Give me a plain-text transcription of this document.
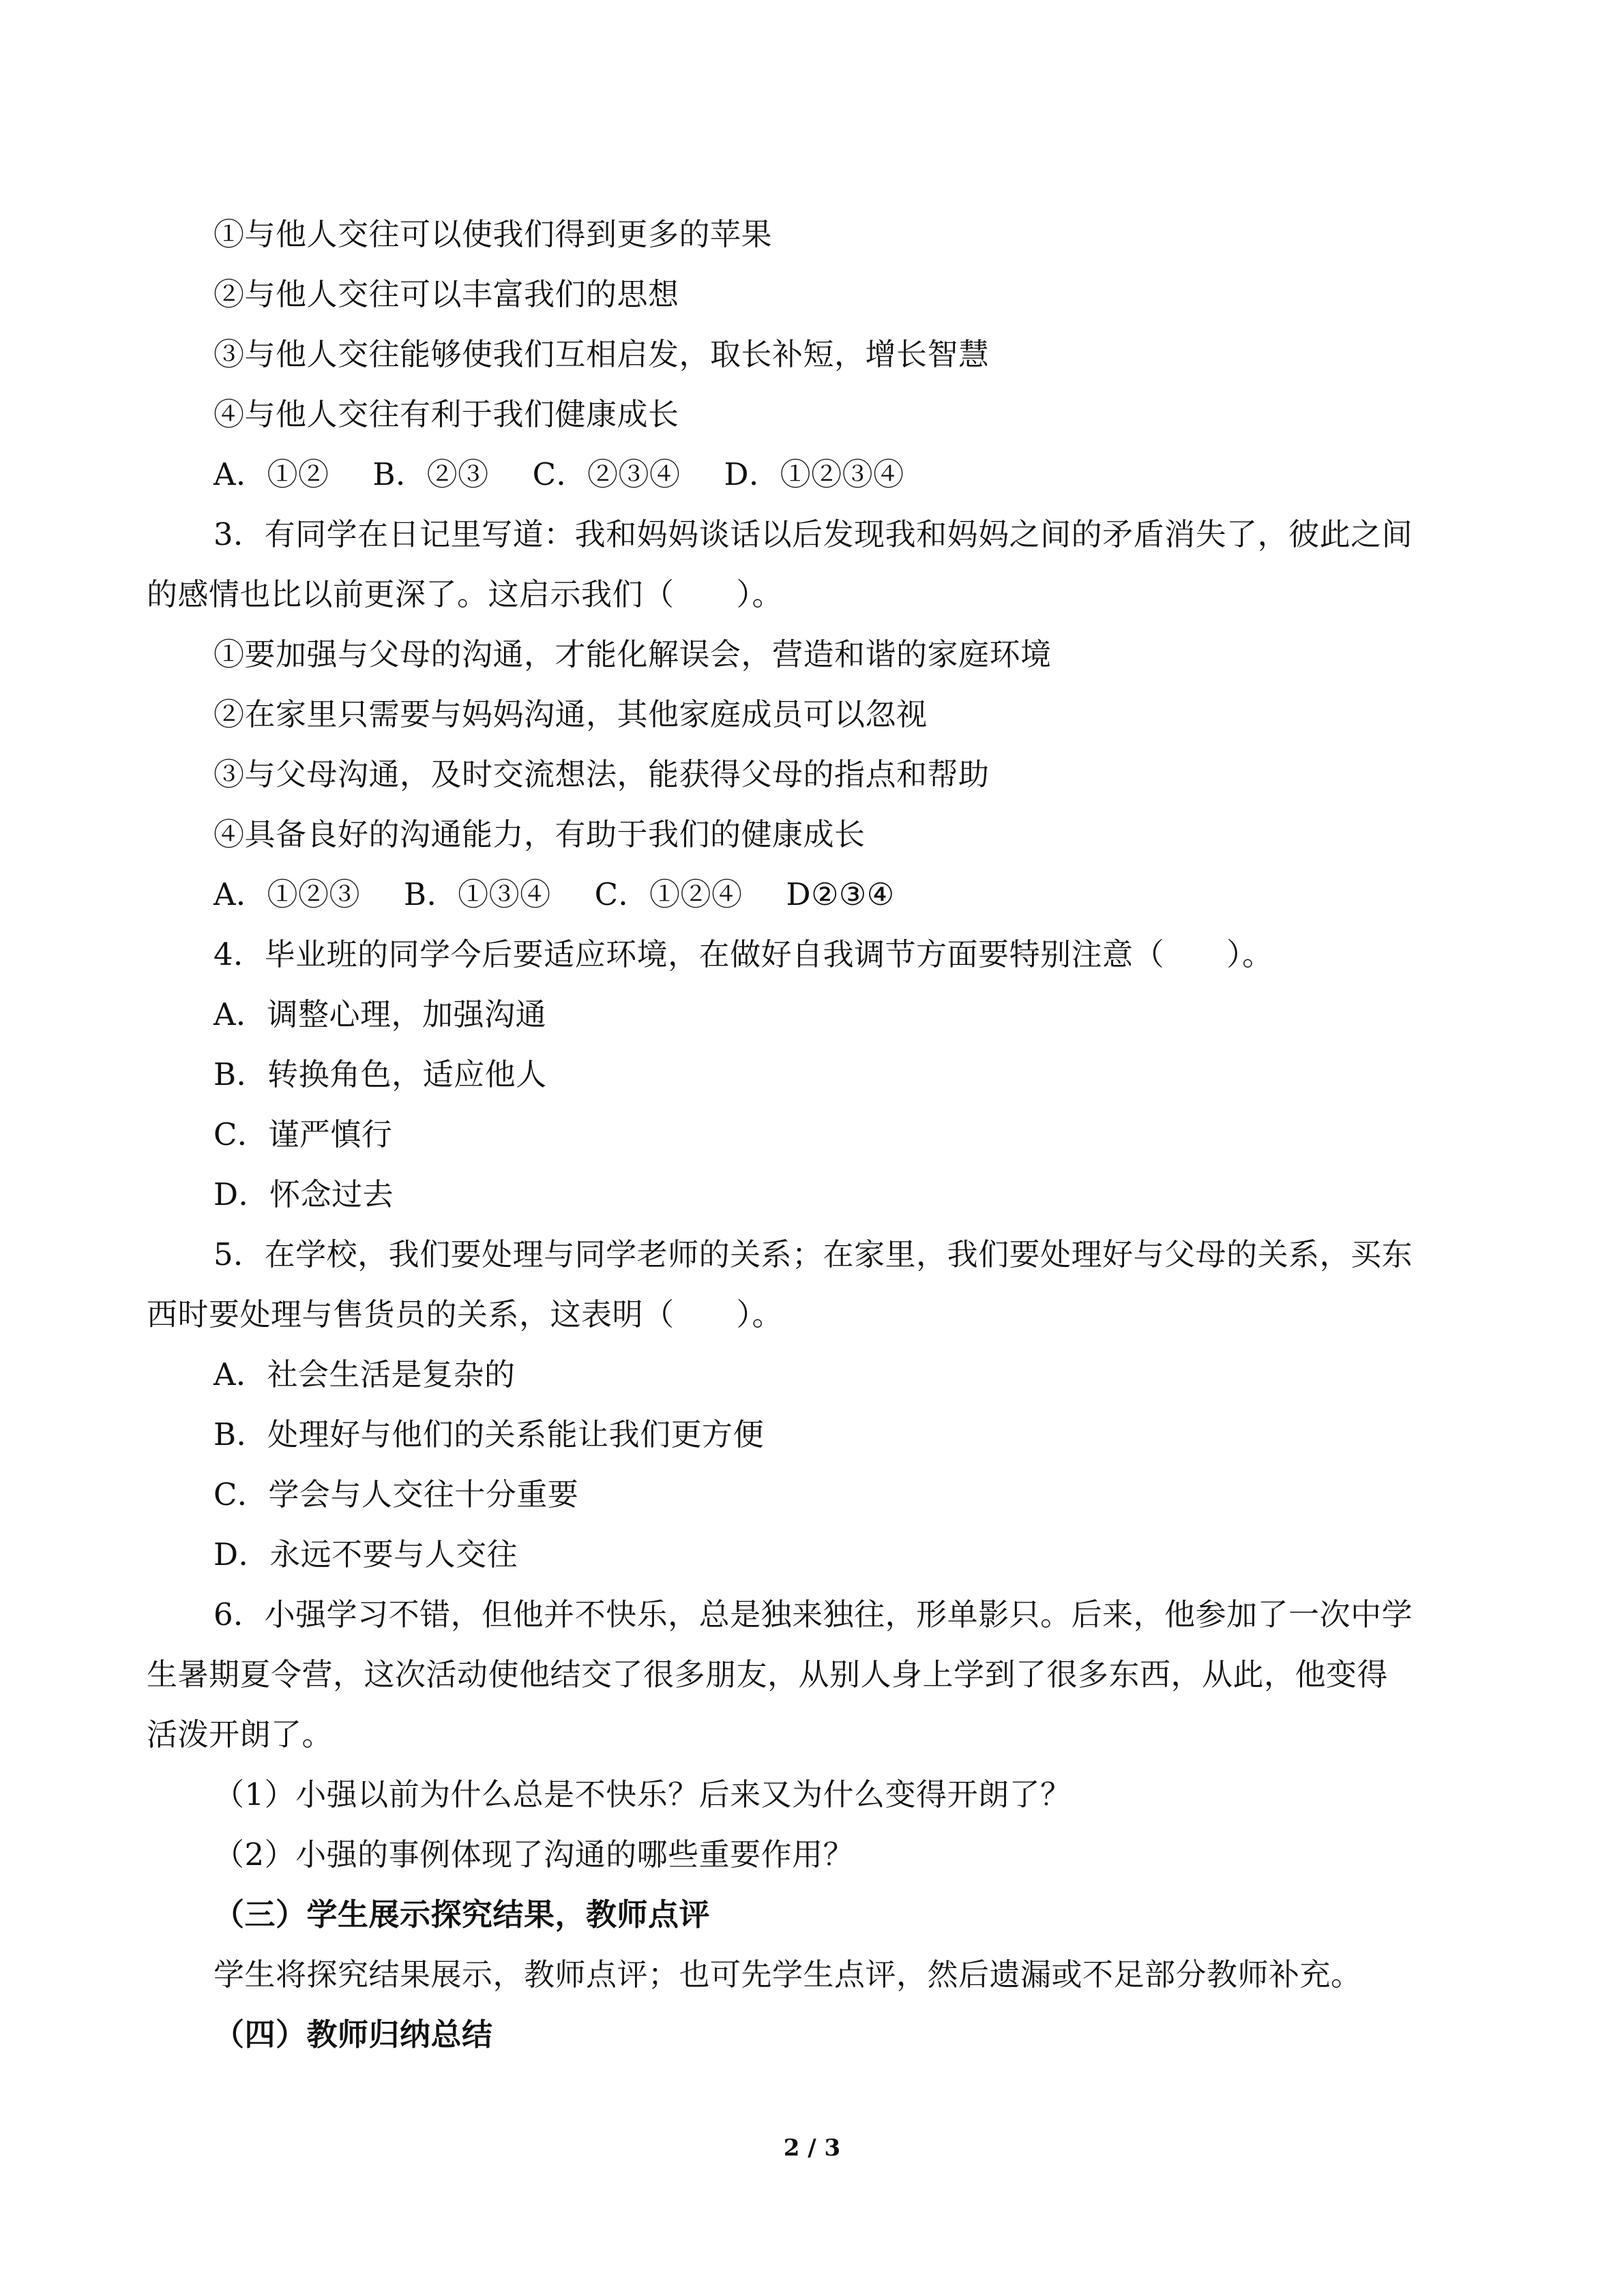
①与他人交往可以使我们得到更多的苹果
②与他人交往可以丰富我们的思想
③与他人交往能够使我们互相启发，取长补短，增长智慧
④与他人交往有利于我们健康成长
A．①② B．②③ C．②③④ D．①②③④
3．有同学在日记里写道：我和妈妈谈话以后发现我和妈妈之间的矛盾消失了，彼此之间
的感情也比以前更深了。这启示我们（　　）。
①要加强与父母的沟通，才能化解误会，营造和谐的家庭环境
②在家里只需要与妈妈沟通，其他家庭成员可以忽视
③与父母沟通，及时交流想法，能获得父母的指点和帮助
④具备良好的沟通能力，有助于我们的健康成长
A．①②③ B．①③④ C．①②④ D②③④
4．毕业班的同学今后要适应环境，在做好自我调节方面要特别注意（　　）。
A．调整心理，加强沟通
B．转换角色，适应他人
C．谨严慎行
D．怀念过去
5．在学校，我们要处理与同学老师的关系；在家里，我们要处理好与父母的关系，买东
西时要处理与售货员的关系，这表明（　　）。
A．社会生活是复杂的
B．处理好与他们的关系能让我们更方便
C．学会与人交往十分重要
D．永远不要与人交往
6．小强学习不错，但他并不快乐，总是独来独往，形单影只。后来，他参加了一次中学
生暑期夏令营，这次活动使他结交了很多朋友，从别人身上学到了很多东西，从此，他变得
活泼开朗了。
（1）小强以前为什么总是不快乐？后来又为什么变得开朗了？
（2）小强的事例体现了沟通的哪些重要作用？
（三）学生展示探究结果，教师点评
学生将探究结果展示，教师点评；也可先学生点评，然后遗漏或不足部分教师补充。
（四）教师归纳总结
2 / 3
